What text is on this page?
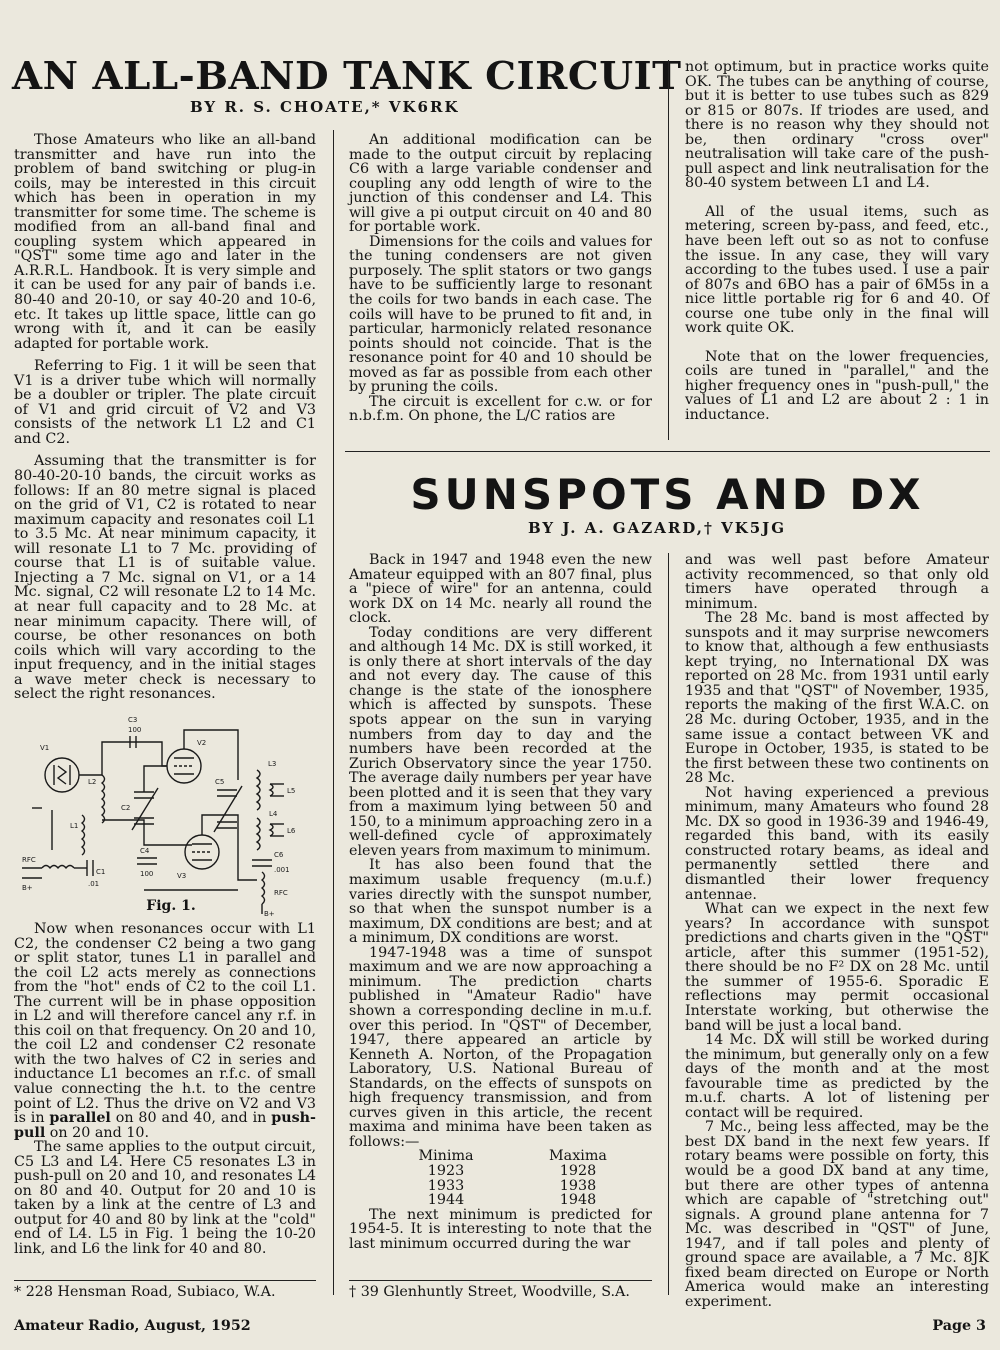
AN ALL-BAND TANK CIRCUIT
BY R. S. CHOATE,* VK6RK

Those Amateurs who like an all-band transmitter and have run into the problem of band switching or plug-in coils, may be interested in this circuit which has been in operation in my transmitter for some time. The scheme is modified from an all-band final and coupling system which appeared in "QST" some time ago and later in the A.R.R.L. Handbook. It is very simple and it can be used for any pair of bands i.e. 80-40 and 20-10, or say 40-20 and 10-6, etc. It takes up little space, little can go wrong with it, and it can be easily adapted for portable work.

Referring to Fig. 1 it will be seen that V1 is a driver tube which will normally be a doubler or tripler. The plate circuit of V1 and grid circuit of V2 and V3 consists of the network L1 L2 and C1 and C2.

Assuming that the transmitter is for 80-40-20-10 bands, the circuit works as follows: If an 80 metre signal is placed on the grid of V1, C2 is rotated to near maximum capacity and resonates coil L1 to 3.5 Mc. At near minimum capacity, it will resonate L1 to 7 Mc. providing of course that L1 is of suitable value. Injecting a 7 Mc. signal on V1, or a 14 Mc. signal, C2 will resonate L2 to 14 Mc. at near full capacity and to 28 Mc. at near minimum capacity. There will, of course, be other resonances on both coils which will vary according to the input frequency, and in the initial stages a wave meter check is necessary to select the right resonances.

V1
V2
V3
C3
100
C2
L2
L1
C4
100
C5
L3
L5
L4
L6
C6
.001
RFC
B+
RFC
B+	.01
C1
Fig. 1.

Now when resonances occur with L1 C2, the condenser C2 being a two gang or split stator, tunes L1 in parallel and the coil L2 acts merely as connections from the "hot" ends of C2 to the coil L1. The current will be in phase opposition in L2 and will therefore cancel any r.f. in this coil on that frequency. On 20 and 10, the coil L2 and condenser C2 resonate with the two halves of C2 in series and inductance L1 becomes an r.f.c. of small value connecting the h.t. to the centre point of L2. Thus the drive on V2 and V3 is in parallel on 80 and 40, and in push-pull on 20 and 10.

The same applies to the output circuit, C5 L3 and L4. Here C5 resonates L3 in push-pull on 20 and 10, and resonates L4 on 80 and 40. Output for 20 and 10 is taken by a link at the centre of L3 and output for 40 and 80 by link at the "cold" end of L4. L5 in Fig. 1 being the 10-20 link, and L6 the link for 40 and 80.

An additional modification can be made to the output circuit by replacing C6 with a large variable condenser and coupling any odd length of wire to the junction of this condenser and L4. This will give a pi output circuit on 40 and 80 for portable work.

Dimensions for the coils and values for the tuning condensers are not given purposely. The split stators or two gangs have to be sufficiently large to resonant the coils for two bands in each case. The coils will have to be pruned to fit and, in particular, harmonicly related resonance points should not coincide. That is the resonance point for 40 and 10 should be moved as far as possible from each other by pruning the coils.

The circuit is excellent for c.w. or for n.b.f.m. On phone, the L/C ratios are

not optimum, but in practice works quite OK. The tubes can be anything of course, but it is better to use tubes such as 829 or 815 or 807s. If triodes are used, and there is no reason why they should not be, then ordinary "cross over" neutralisation will take care of the push-pull aspect and link neutralisation for the 80-40 system between L1 and L4.

All of the usual items, such as metering, screen by-pass, and feed, etc., have been left out so as not to confuse the issue. In any case, they will vary according to the tubes used. I use a pair of 807s and 6BO has a pair of 6M5s in a nice little portable rig for 6 and 40. Of course one tube only in the final will work quite OK.

Note that on the lower frequencies, coils are tuned in "parallel," and the higher frequency ones in "push-pull," the values of L1 and L2 are about 2 : 1 in inductance.

SUNSPOTS AND DX
BY J. A. GAZARD,† VK5JG

Back in 1947 and 1948 even the new Amateur equipped with an 807 final, plus a "piece of wire" for an antenna, could work DX on 14 Mc. nearly all round the clock.

Today conditions are very different and although 14 Mc. DX is still worked, it is only there at short intervals of the day and not every day. The cause of this change is the state of the ionosphere which is affected by sunspots. These spots appear on the sun in varying numbers from day to day and the numbers have been recorded at the Zurich Observatory since the year 1750. The average daily numbers per year have been plotted and it is seen that they vary from a maximum lying between 50 and 150, to a minimum approaching zero in a well-defined cycle of approximately eleven years from maximum to minimum.

It has also been found that the maximum usable frequency (m.u.f.) varies directly with the sunspot number, so that when the sunspot number is a maximum, DX conditions are best; and at a minimum, DX conditions are worst.

1947-1948 was a time of sunspot maximum and we are now approaching a minimum. The prediction charts published in "Amateur Radio" have shown a corresponding decline in m.u.f. over this period. In "QST" of December, 1947, there appeared an article by Kenneth A. Norton, of the Propagation Laboratory, U.S. National Bureau of Standards, on the effects of sunspots on high frequency transmission, and from curves given in this article, the recent maxima and minima have been taken as follows:—

Minima	Maxima
1923	1928
1933	1938
1944	1948

The next minimum is predicted for 1954-5. It is interesting to note that the last minimum occurred during the war

and was well past before Amateur activity recommenced, so that only old timers have operated through a minimum.

The 28 Mc. band is most affected by sunspots and it may surprise newcomers to know that, although a few enthusiasts kept trying, no International DX was reported on 28 Mc. from 1931 until early 1935 and that "QST" of November, 1935, reports the making of the first W.A.C. on 28 Mc. during October, 1935, and in the same issue a contact between VK and Europe in October, 1935, is stated to be the first between these two continents on 28 Mc.

Not having experienced a previous minimum, many Amateurs who found 28 Mc. DX so good in 1936-39 and 1946-49, regarded this band, with its easily constructed rotary beams, as ideal and permanently settled there and dismantled their lower frequency antennae.

What can we expect in the next few years? In accordance with sunspot predictions and charts given in the "QST" article, after this summer (1951-52), there should be no F² DX on 28 Mc. until the summer of 1955-6. Sporadic E reflections may permit occasional Interstate working, but otherwise the band will be just a local band.

14 Mc. DX will still be worked during the minimum, but generally only on a few days of the month and at the most favourable time as predicted by the m.u.f. charts. A lot of listening per contact will be required.

7 Mc., being less affected, may be the best DX band in the next few years. If rotary beams were possible on forty, this would be a good DX band at any time, but there are other types of antenna which are capable of "stretching out" signals. A ground plane antenna for 7 Mc. was described in "QST" of June, 1947, and if tall poles and plenty of ground space are available, a 7 Mc. 8JK fixed beam directed on Europe or North America would make an interesting experiment.

* 228 Hensman Road, Subiaco, W.A.	† 39 Glenhuntly Street, Woodville, S.A.
Amateur Radio, August, 1952	Page 3
